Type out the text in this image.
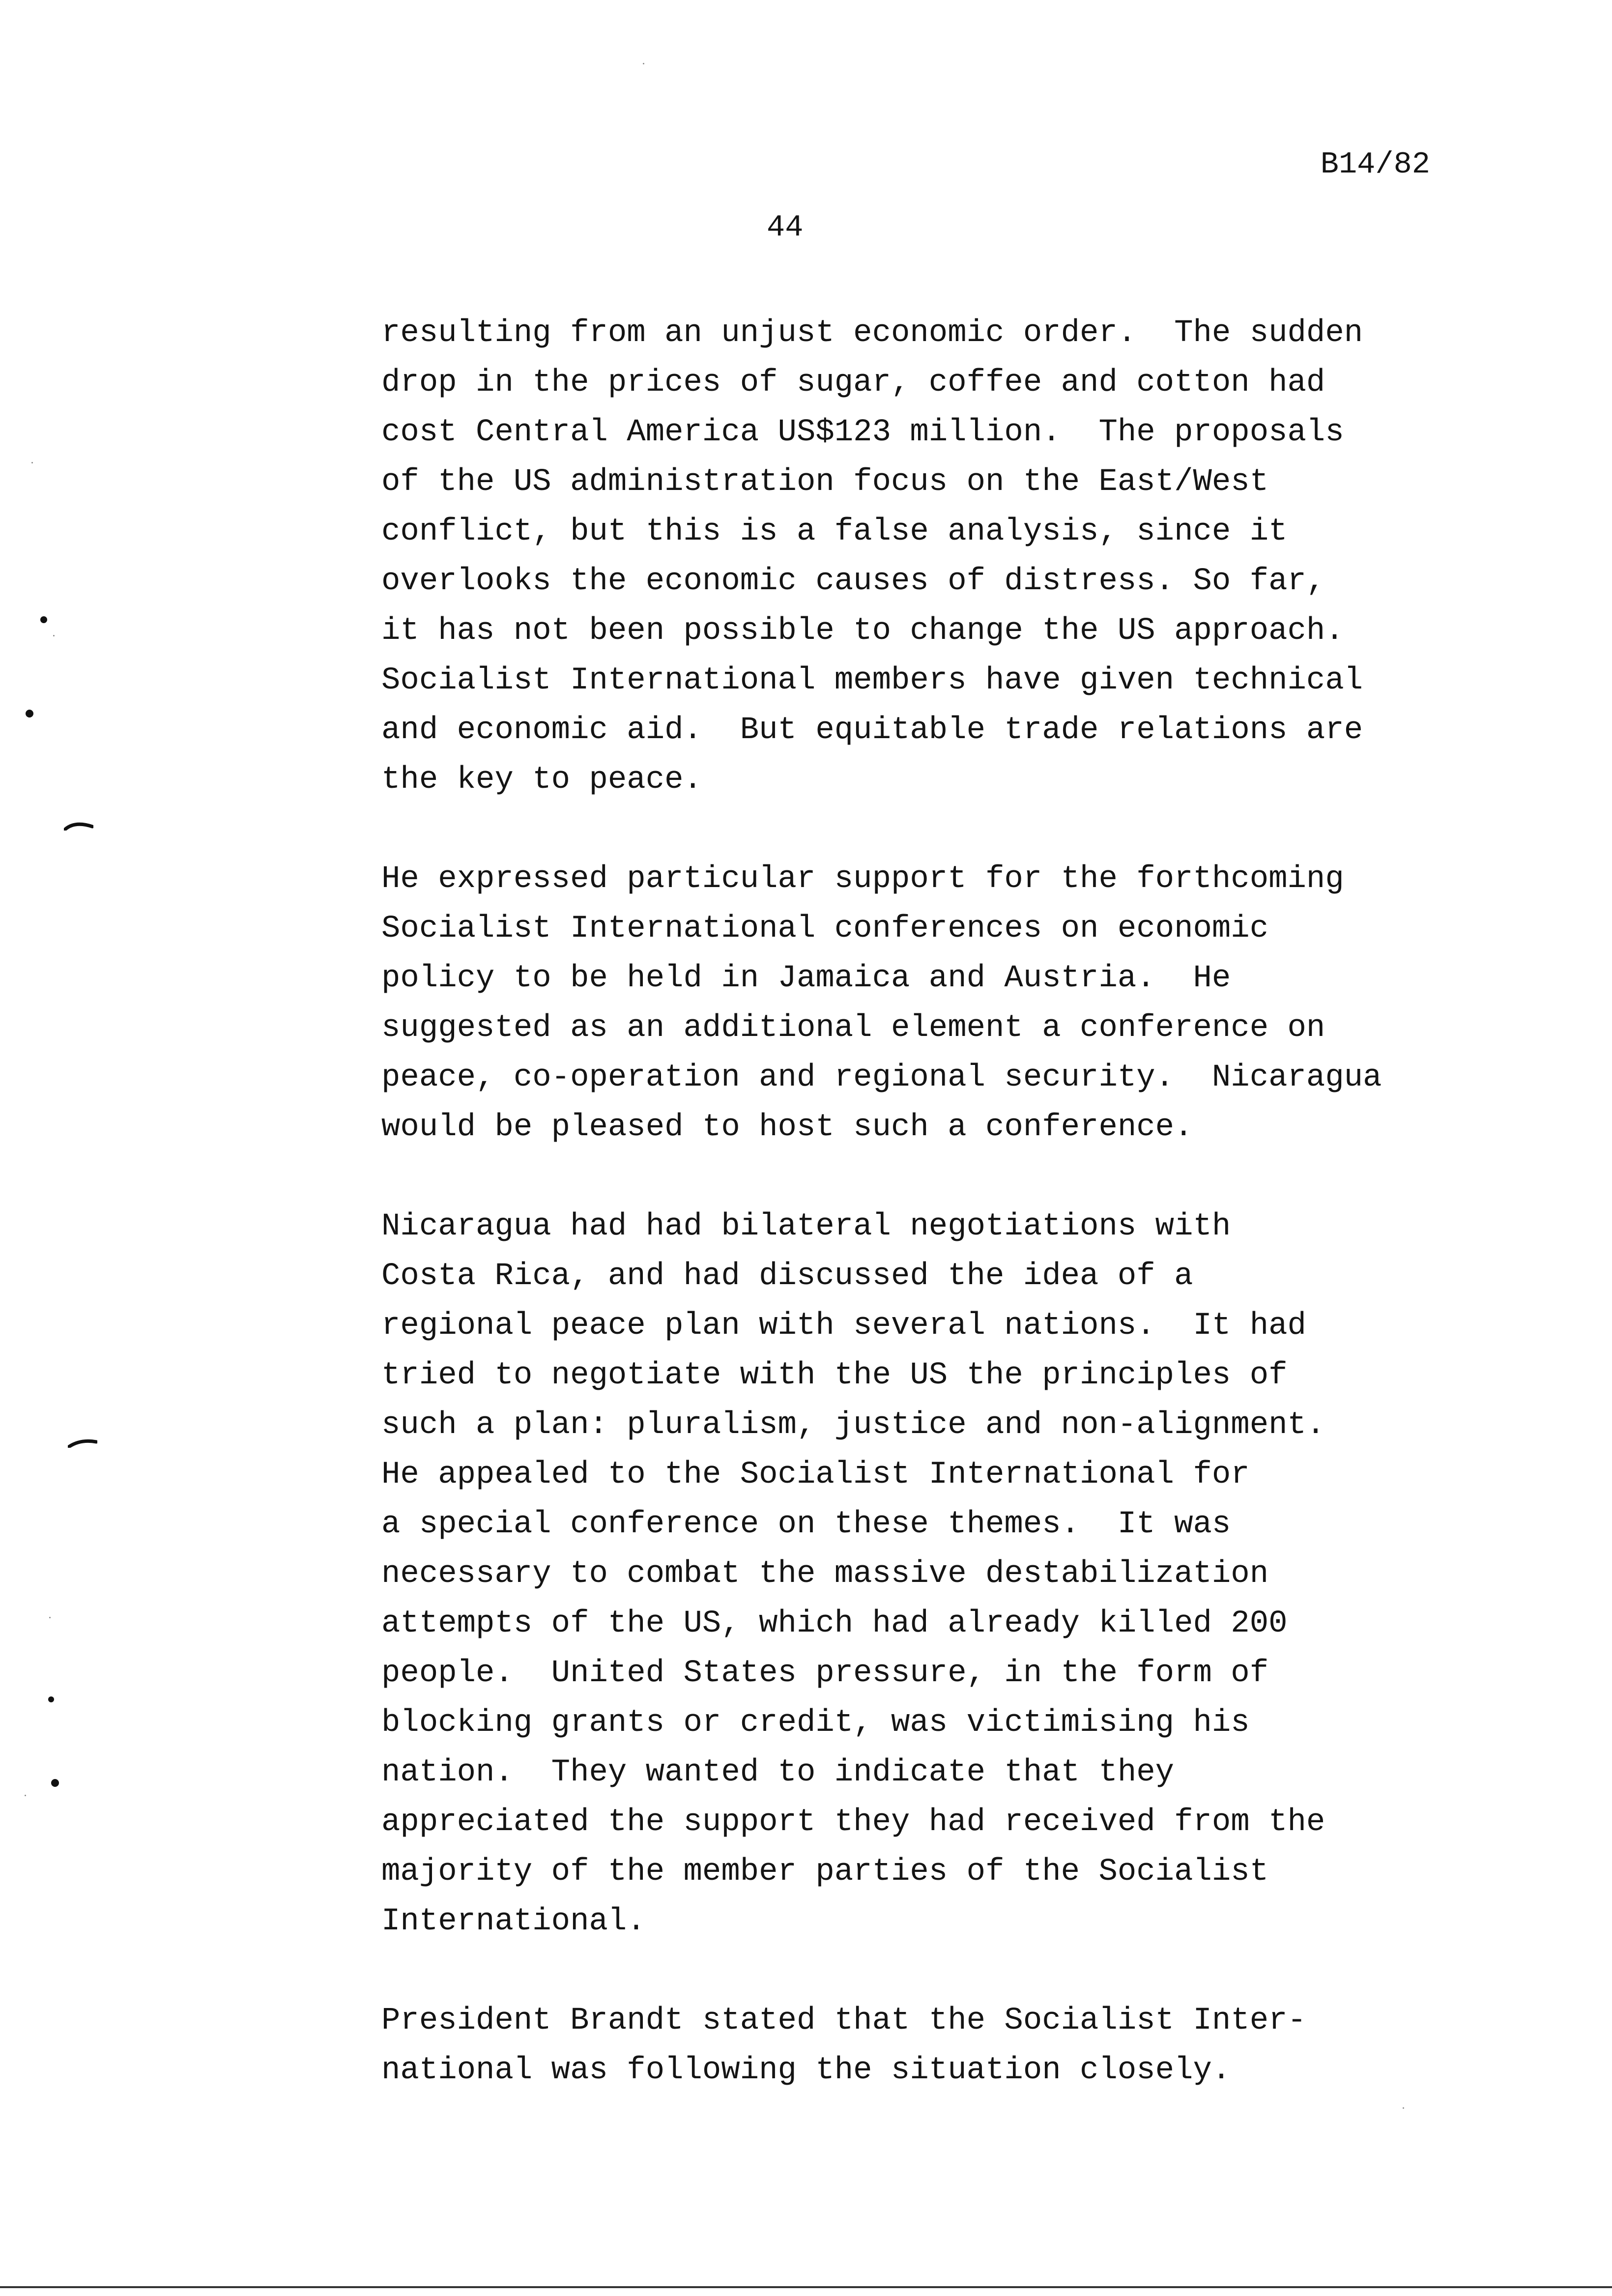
B14/82
44
resulting from an unjust economic order.  The sudden
drop in the prices of sugar, coffee and cotton had
cost Central America US$123 million.  The proposals
of the US administration focus on the East/West
conflict, but this is a false analysis, since it
overlooks the economic causes of distress. So far,
it has not been possible to change the US approach.
Socialist International members have given technical
and economic aid.  But equitable trade relations are
the key to peace.
He expressed particular support for the forthcoming
Socialist International conferences on economic
policy to be held in Jamaica and Austria.  He
suggested as an additional element a conference on
peace, co-operation and regional security.  Nicaragua
would be pleased to host such a conference.
Nicaragua had had bilateral negotiations with
Costa Rica, and had discussed the idea of a
regional peace plan with several nations.  It had
tried to negotiate with the US the principles of
such a plan: pluralism, justice and non-alignment.
He appealed to the Socialist International for
a special conference on these themes.  It was
necessary to combat the massive destabilization
attempts of the US, which had already killed 200
people.  United States pressure, in the form of
blocking grants or credit, was victimising his
nation.  They wanted to indicate that they
appreciated the support they had received from the
majority of the member parties of the Socialist
International.
President Brandt stated that the Socialist Inter-
national was following the situation closely.
